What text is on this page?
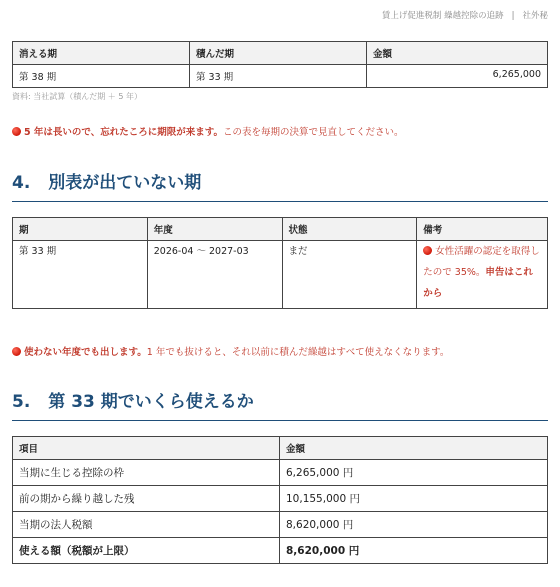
賃上げ促進税制 繰越控除の追跡 | 社外秘
消える期	積んだ期	金額
第 38 期	第 33 期	6,265,000
資料: 当社試算（積んだ期 ＋ 5 年）
5 年は長いので、忘れたころに期限が来ます。この表を毎期の決算で見直してください。
4. 別表が出ていない期
期	年度	状態	備考
第 33 期	2026-04 〜 2027-03	まだ	女性活躍の認定を取得したので 35%。申告はこれから
使わない年度でも出します。1 年でも抜けると、それ以前に積んだ繰越はすべて使えなくなります。
5. 第 33 期でいくら使えるか
項目	金額
当期に生じる控除の枠	6,265,000 円
前の期から繰り越した残	10,155,000 円
当期の法人税額	8,620,000 円
使える額（税額が上限）	8,620,000 円
